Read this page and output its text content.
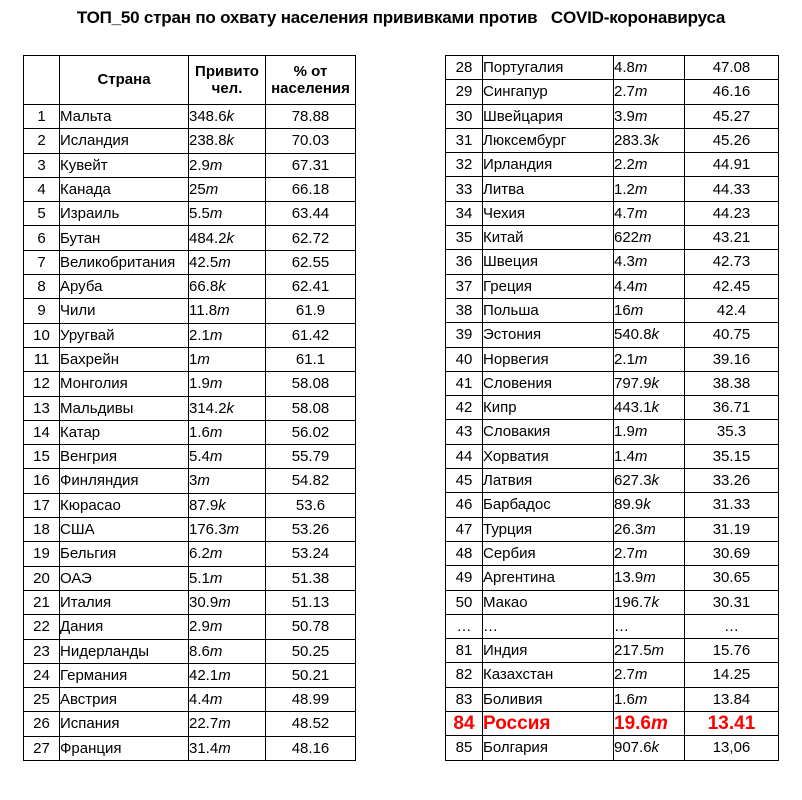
ТОП_50 стран по охвату населения прививками против   COVID-коронавируса
	Страна	Привито чел.	% от населения
1	Мальта	348.6k	78.88
2	Исландия	238.8k	70.03
3	Кувейт	2.9m	67.31
4	Канада	25m	66.18
5	Израиль	5.5m	63.44
6	Бутан	484.2k	62.72
7	Великобритания	42.5m	62.55
8	Аруба	66.8k	62.41
9	Чили	11.8m	61.9
10	Уругвай	2.1m	61.42
11	Бахрейн	1m	61.1
12	Монголия	1.9m	58.08
13	Мальдивы	314.2k	58.08
14	Катар	1.6m	56.02
15	Венгрия	5.4m	55.79
16	Финляндия	3m	54.82
17	Кюрасао	87.9k	53.6
18	США	176.3m	53.26
19	Бельгия	6.2m	53.24
20	ОАЭ	5.1m	51.38
21	Италия	30.9m	51.13
22	Дания	2.9m	50.78
23	Нидерланды	8.6m	50.25
24	Германия	42.1m	50.21
25	Австрия	4.4m	48.99
26	Испания	22.7m	48.52
27	Франция	31.4m	48.16
28	Португалия	4.8m	47.08
29	Сингапур	2.7m	46.16
30	Швейцария	3.9m	45.27
31	Люксембург	283.3k	45.26
32	Ирландия	2.2m	44.91
33	Литва	1.2m	44.33
34	Чехия	4.7m	44.23
35	Китай	622m	43.21
36	Швеция	4.3m	42.73
37	Греция	4.4m	42.45
38	Польша	16m	42.4
39	Эстония	540.8k	40.75
40	Норвегия	2.1m	39.16
41	Словения	797.9k	38.38
42	Кипр	443.1k	36.71
43	Словакия	1.9m	35.3
44	Хорватия	1.4m	35.15
45	Латвия	627.3k	33.26
46	Барбадос	89.9k	31.33
47	Турция	26.3m	31.19
48	Сербия	2.7m	30.69
49	Аргентина	13.9m	30.65
50	Макао	196.7k	30.31
…	…	…	…
81	Индия	217.5m	15.76
82	Казахстан	2.7m	14.25
83	Боливия	1.6m	13.84
84	Россия	19.6m	13.41
85	Болгария	907.6k	13,06
